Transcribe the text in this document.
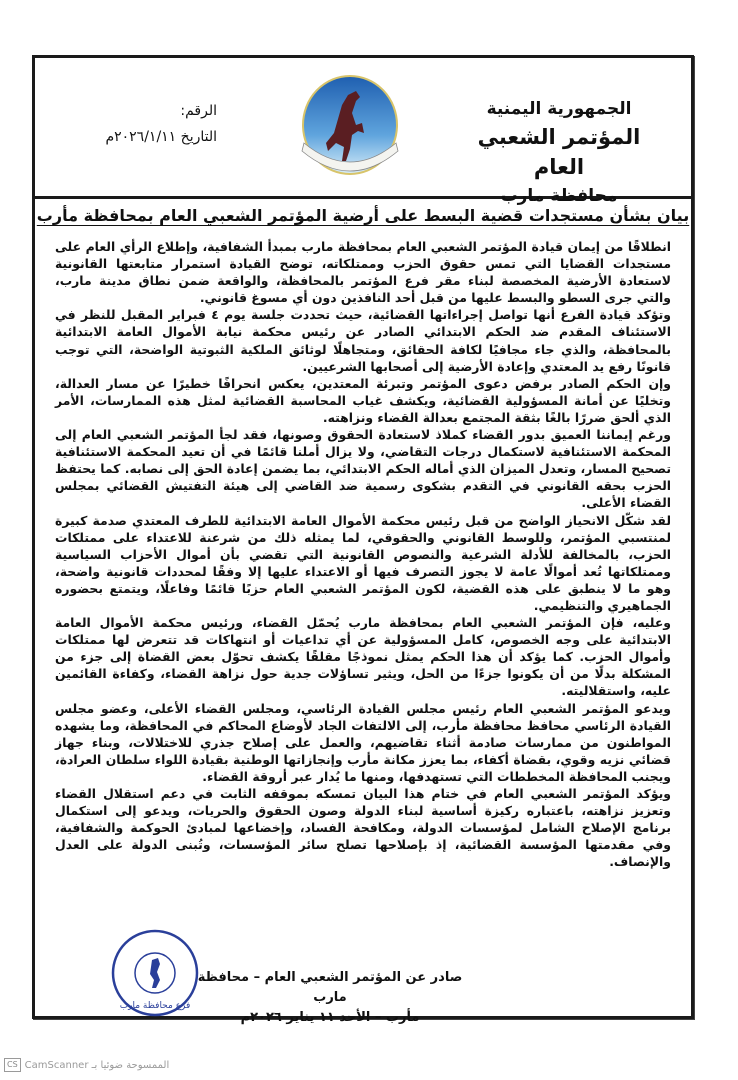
الجمهورية اليمنية
المؤتمر الشعبي العام
محافظة مارب
الرقم:
التاريخ ٢٠٢٦/١/١١م
بيان بشأن مستجدات قضية البسط على أرضية المؤتمر الشعبي العام بمحافظة مأرب

انطلاقًا من إيمان قيادة المؤتمر الشعبي العام بمحافظة مارب بمبدأ الشفافية، وإطلاع الرأي العام على مستجدات القضايا التي تمس حقوق الحزب وممتلكاته، توضح القيادة استمرار متابعتها القانونية لاستعادة الأرضية المخصصة لبناء مقر فرع المؤتمر بالمحافظة، والواقعة ضمن نطاق مدينة مارب، والتي جرى السطو والبسط عليها من قبل أحد النافذين دون أي مسوغ قانوني.

وتؤكد قيادة الفرع أنها تواصل إجراءاتها القضائية، حيث تحددت جلسة يوم ٤ فبراير المقبل للنظر في الاستئناف المقدم ضد الحكم الابتدائي الصادر عن رئيس محكمة نيابة الأموال العامة الابتدائية بالمحافظة، والذي جاء مجافيًا لكافة الحقائق، ومتجاهلًا لوثائق الملكية الثبوتية الواضحة، التي توجب قانونًا رفع يد المعتدي وإعادة الأرضية إلى أصحابها الشرعيين.

وإن الحكم الصادر برفض دعوى المؤتمر وتبرئة المعتدين، يعكس انحرافًا خطيرًا عن مسار العدالة، وتخليًا عن أمانة المسؤولية القضائية، ويكشف غياب المحاسبة القضائية لمثل هذه الممارسات، الأمر الذي ألحق ضررًا بالغًا بثقة المجتمع بعدالة القضاء ونزاهته.

ورغم إيماننا العميق بدور القضاء كملاذ لاستعادة الحقوق وصونها، فقد لجأ المؤتمر الشعبي العام إلى المحكمة الاستئنافية لاستكمال درجات التقاضي، ولا يزال أملنا قائمًا في أن تعيد المحكمة الاستئنافية تصحيح المسار، وتعدل الميزان الذي أماله الحكم الابتدائي، بما يضمن إعادة الحق إلى نصابه. كما يحتفظ الحزب بحقه القانوني في التقدم بشكوى رسمية ضد القاضي إلى هيئة التفتيش القضائي بمجلس القضاء الأعلى.

لقد شكّل الانحياز الواضح من قبل رئيس محكمة الأموال العامة الابتدائية للطرف المعتدي صدمة كبيرة لمنتسبي المؤتمر، وللوسط القانوني والحقوقي، لما يمثله ذلك من شرعنة للاعتداء على ممتلكات الحزب، بالمخالفة للأدلة الشرعية والنصوص القانونية التي تقضي بأن أموال الأحزاب السياسية وممتلكاتها تُعد أموالًا عامة لا يجوز التصرف فيها أو الاعتداء عليها إلا وفقًا لمحددات قانونية واضحة، وهو ما لا ينطبق على هذه القضية، لكون المؤتمر الشعبي العام حزبًا قائمًا وفاعلًا، ويتمتع بحضوره الجماهيري والتنظيمي.

وعليه، فإن المؤتمر الشعبي العام بمحافظة مارب يُحمّل القضاء، ورئيس محكمة الأموال العامة الابتدائية على وجه الخصوص، كامل المسؤولية عن أي تداعيات أو انتهاكات قد تتعرض لها ممتلكات وأموال الحزب. كما يؤكد أن هذا الحكم يمثل نموذجًا مقلقًا يكشف تحوّل بعض القضاة إلى جزء من المشكلة بدلًا من أن يكونوا جزءًا من الحل، ويثير تساؤلات جدية حول نزاهة القضاء، وكفاءة القائمين عليه، واستقلاليته.

ويدعو المؤتمر الشعبي العام رئيس مجلس القيادة الرئاسي، ومجلس القضاء الأعلى، وعضو مجلس القيادة الرئاسي محافظ محافظة مأرب، إلى الالتفات الجاد لأوضاع المحاكم في المحافظة، وما يشهده المواطنون من ممارسات صادمة أثناء تقاضيهم، والعمل على إصلاح جذري للاختلالات، وبناء جهاز قضائي نزيه وقوي، بقضاة أكفاء، بما يعزز مكانة مأرب وإنجازاتها الوطنية بقيادة اللواء سلطان العرادة، ويجنب المحافظة المخططات التي تستهدفها، ومنها ما يُدار عبر أروقة القضاء.

ويؤكد المؤتمر الشعبي العام في ختام هذا البيان تمسكه بموقفه الثابت في دعم استقلال القضاء وتعزيز نزاهته، باعتباره ركيزة أساسية لبناء الدولة وصون الحقوق والحريات، ويدعو إلى استكمال برنامج الإصلاح الشامل لمؤسسات الدولة، ومكافحة الفساد، وإخضاعها لمبادئ الحوكمة والشفافية، وفي مقدمتها المؤسسة القضائية، إذ بإصلاحها تصلح سائر المؤسسات، وتُبنى الدولة على العدل والإنصاف.

فرع محافظة مارب
صادر عن المؤتمر الشعبي العام – محافظة مارب
مأرب – الأحد ١١ يناير ٢٠٢٦م
CS CamScanner الممسوحة ضوئيا بـ
